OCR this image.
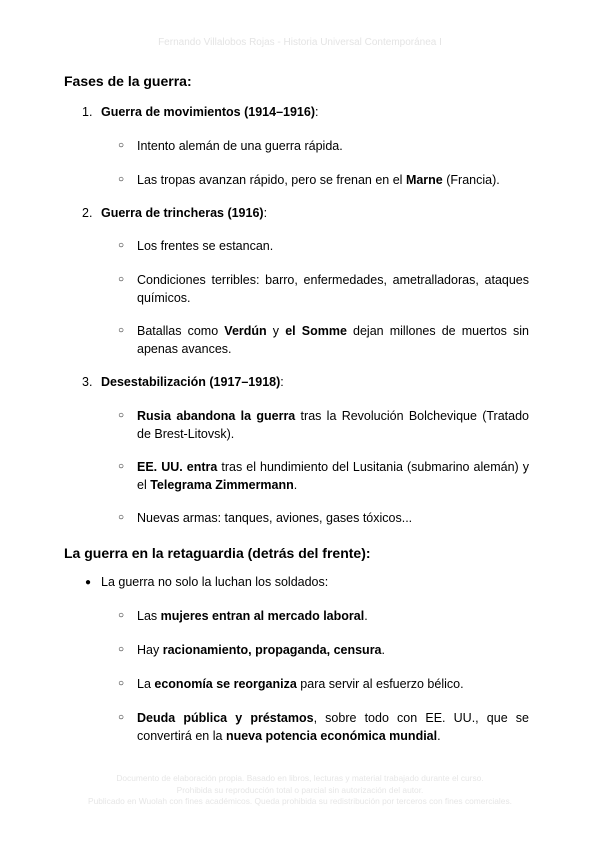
Fernando Villalobos Rojas - Historia Universal Contemporánea I
Fases de la guerra:
1. Guerra de movimientos (1914–1916):
○ Intento alemán de una guerra rápida.
○ Las tropas avanzan rápido, pero se frenan en el Marne (Francia).
2. Guerra de trincheras (1916):
○ Los frentes se estancan.
○ Condiciones terribles: barro, enfermedades, ametralladoras, ataques químicos.
○ Batallas como Verdún y el Somme dejan millones de muertos sin apenas avances.
3. Desestabilización (1917–1918):
○ Rusia abandona la guerra tras la Revolución Bolchevique (Tratado de Brest-Litovsk).
○ EE. UU. entra tras el hundimiento del Lusitania (submarino alemán) y el Telegrama Zimmermann.
○ Nuevas armas: tanques, aviones, gases tóxicos...
La guerra en la retaguardia (detrás del frente):
● La guerra no solo la luchan los soldados:
○ Las mujeres entran al mercado laboral.
○ Hay racionamiento, propaganda, censura.
○ La economía se reorganiza para servir al esfuerzo bélico.
○ Deuda pública y préstamos, sobre todo con EE. UU., que se convertirá en la nueva potencia económica mundial.
Documento de elaboración propia. Basado en libros, lecturas y material trabajado durante el curso.
Prohibida su reproducción total o parcial sin autorización del autor.
Publicado en Wuolah con fines académicos. Queda prohibida su redistribución por terceros con fines comerciales.
